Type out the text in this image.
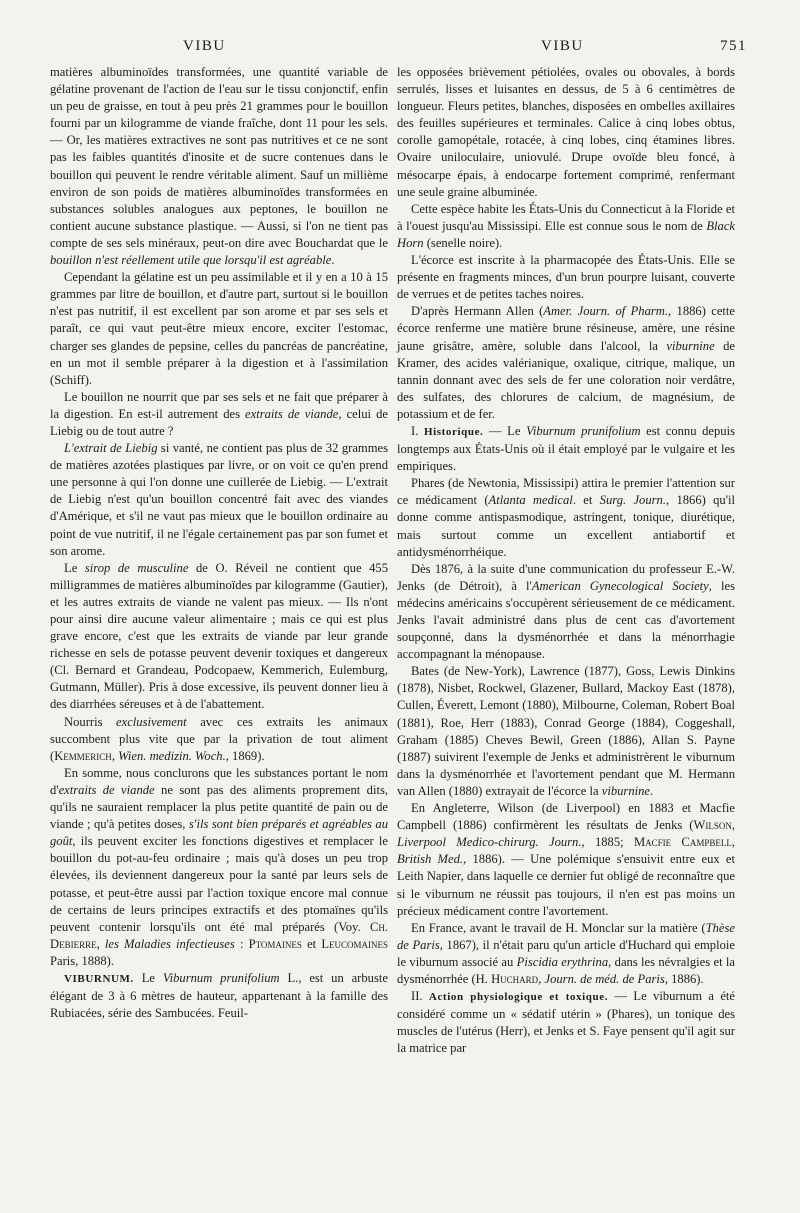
VIBU	VIBU	751

matières albuminoïdes transformées, une quantité variable de gélatine provenant de l'action de l'eau sur le tissu conjonctif, enfin un peu de graisse, en tout à peu près 21 grammes pour le bouillon fourni par un kilogramme de viande fraîche, dont 11 pour les sels. — Or, les matières extractives ne sont pas nutritives et ce ne sont pas les faibles quantités d'inosite et de sucre contenues dans le bouillon qui peuvent le rendre véritable aliment. Sauf un millième environ de son poids de matières albuminoïdes transformées en substances solubles analogues aux peptones, le bouillon ne contient aucune substance plastique. — Aussi, si l'on ne tient pas compte de ses sels minéraux, peut-on dire avec Bouchardat que le bouillon n'est réellement utile que lorsqu'il est agréable.

Cependant la gélatine est un peu assimilable et il y en a 10 à 15 grammes par litre de bouillon, et d'autre part, surtout si le bouillon n'est pas nutritif, il est excellent par son arome et par ses sels et paraît, ce qui vaut peut-être mieux encore, exciter l'estomac, charger ses glandes de pepsine, celles du pancréas de pancréatine, en un mot il semble préparer à la digestion et à l'assimilation (Schiff).

Le bouillon ne nourrit que par ses sels et ne fait que préparer à la digestion. En est-il autrement des extraits de viande, celui de Liebig ou de tout autre ?

L'extrait de Liebig si vanté, ne contient pas plus de 32 grammes de matières azotées plastiques par livre, or on voit ce qu'en prend une personne à qui l'on donne une cuillerée de Liebig. — L'extrait de Liebig n'est qu'un bouillon concentré fait avec des viandes d'Amérique, et s'il ne vaut pas mieux que le bouillon ordinaire au point de vue nutritif, il ne l'égale certainement pas par son fumet et son arome.

Le sirop de musculine de O. Réveil ne contient que 455 milligrammes de matières albuminoïdes par kilogramme (Gautier), et les autres extraits de viande ne valent pas mieux. — Ils n'ont pour ainsi dire aucune valeur alimentaire ; mais ce qui est plus grave encore, c'est que les extraits de viande par leur grande richesse en sels de potasse peuvent devenir toxiques et dangereux (Cl. Bernard et Grandeau, Podcopaew, Kemmerich, Eulemburg, Gutmann, Müller). Pris à dose excessive, ils peuvent donner lieu à des diarrhées séreuses et à de l'abattement.

Nourris exclusivement avec ces extraits les animaux succombent plus vite que par la privation de tout aliment (Kemmerich, Wien. medizin. Woch., 1869).

En somme, nous conclurons que les substances portant le nom d'extraits de viande ne sont pas des aliments proprement dits, qu'ils ne sauraient remplacer la plus petite quantité de pain ou de viande ; qu'à petites doses, s'ils sont bien préparés et agréables au goût, ils peuvent exciter les fonctions digestives et remplacer le bouillon du pot-au-feu ordinaire ; mais qu'à doses un peu trop élevées, ils deviennent dangereux pour la santé par leurs sels de potasse, et peut-être aussi par l'action toxique encore mal connue de certains de leurs principes extractifs et des ptomaïnes qu'ils peuvent contenir lorsqu'ils ont été mal préparés (Voy. Ch. Debierre, les Maladies infectieuses : Ptomaines et Leucomaines Paris, 1888).

VIBURNUM. Le Viburnum prunifolium L., est un arbuste élégant de 3 à 6 mètres de hauteur, appartenant à la famille des Rubiacées, série des Sambucées. Feuil-

les opposées brièvement pétiolées, ovales ou obovales, à bords serrulés, lisses et luisantes en dessus, de 5 à 6 centimètres de longueur. Fleurs petites, blanches, disposées en ombelles axillaires des feuilles supérieures et terminales. Calice à cinq lobes obtus, corolle gamopétale, rotacée, à cinq lobes, cinq étamines libres. Ovaire uniloculaire, uniovulé. Drupe ovoïde bleu foncé, à mésocarpe épais, à endocarpe fortement comprimé, renfermant une seule graine albuminée.

Cette espèce habite les États-Unis du Connecticut à la Floride et à l'ouest jusqu'au Mississipi. Elle est connue sous le nom de Black Horn (senelle noire).

L'écorce est inscrite à la pharmacopée des États-Unis. Elle se présente en fragments minces, d'un brun pourpre luisant, couverte de verrues et de petites taches noires.

D'après Hermann Allen (Amer. Journ. of Pharm., 1886) cette écorce renferme une matière brune résineuse, amère, une résine jaune grisâtre, amère, soluble dans l'alcool, la viburnine de Kramer, des acides valérianique, oxalique, citrique, malique, un tannin donnant avec des sels de fer une coloration noir verdâtre, des sulfates, des chlorures de calcium, de magnésium, de potassium et de fer.

I. Historique. — Le Viburnum prunifolium est connu depuis longtemps aux États-Unis où il était employé par le vulgaire et les empiriques.

Phares (de Newtonia, Mississipi) attira le premier l'attention sur ce médicament (Atlanta medical. et Surg. Journ., 1866) qu'il donne comme antispasmodique, astringent, tonique, diurétique, mais surtout comme un excellent antiabortif et antidysménorrhéique.

Dès 1876, à la suite d'une communication du professeur E.-W. Jenks (de Détroit), à l'American Gynecological Society, les médecins américains s'occupèrent sérieusement de ce médicament. Jenks l'avait administré dans plus de cent cas d'avortement soupçonné, dans la dysménorrhée et dans la ménorrhagie accompagnant la ménopause.

Bates (de New-York), Lawrence (1877), Goss, Lewis Dinkins (1878), Nisbet, Rockwel, Glazener, Bullard, Mackoy East (1878), Cullen, Éverett, Lemont (1880), Milbourne, Coleman, Robert Boal (1881), Roe, Herr (1883), Conrad George (1884), Coggeshall, Graham (1885) Cheves Bewil, Green (1886), Allan S. Payne (1887) suivirent l'exemple de Jenks et administrèrent le viburnum dans la dysménorrhée et l'avortement pendant que M. Hermann van Allen (1880) extrayait de l'écorce la viburnine.

En Angleterre, Wilson (de Liverpool) en 1883 et Macfie Campbell (1886) confirmèrent les résultats de Jenks (Wilson, Liverpool Medico-chirurg. Journ., 1885; Macfie Campbell, British Med., 1886). — Une polémique s'ensuivit entre eux et Leith Napier, dans laquelle ce dernier fut obligé de reconnaître que si le viburnum ne réussit pas toujours, il n'en est pas moins un précieux médicament contre l'avortement.

En France, avant le travail de H. Monclar sur la matière (Thèse de Paris, 1867), il n'était paru qu'un article d'Huchard qui emploie le viburnum associé au Piscidia erythrina, dans les névralgies et la dysménorrhée (H. Huchard, Journ. de méd. de Paris, 1886).

II. Action physiologique et toxique. — Le viburnum a été considéré comme un « sédatif utérin » (Phares), un tonique des muscles de l'utérus (Herr), et Jenks et S. Faye pensent qu'il agit sur la matrice par
